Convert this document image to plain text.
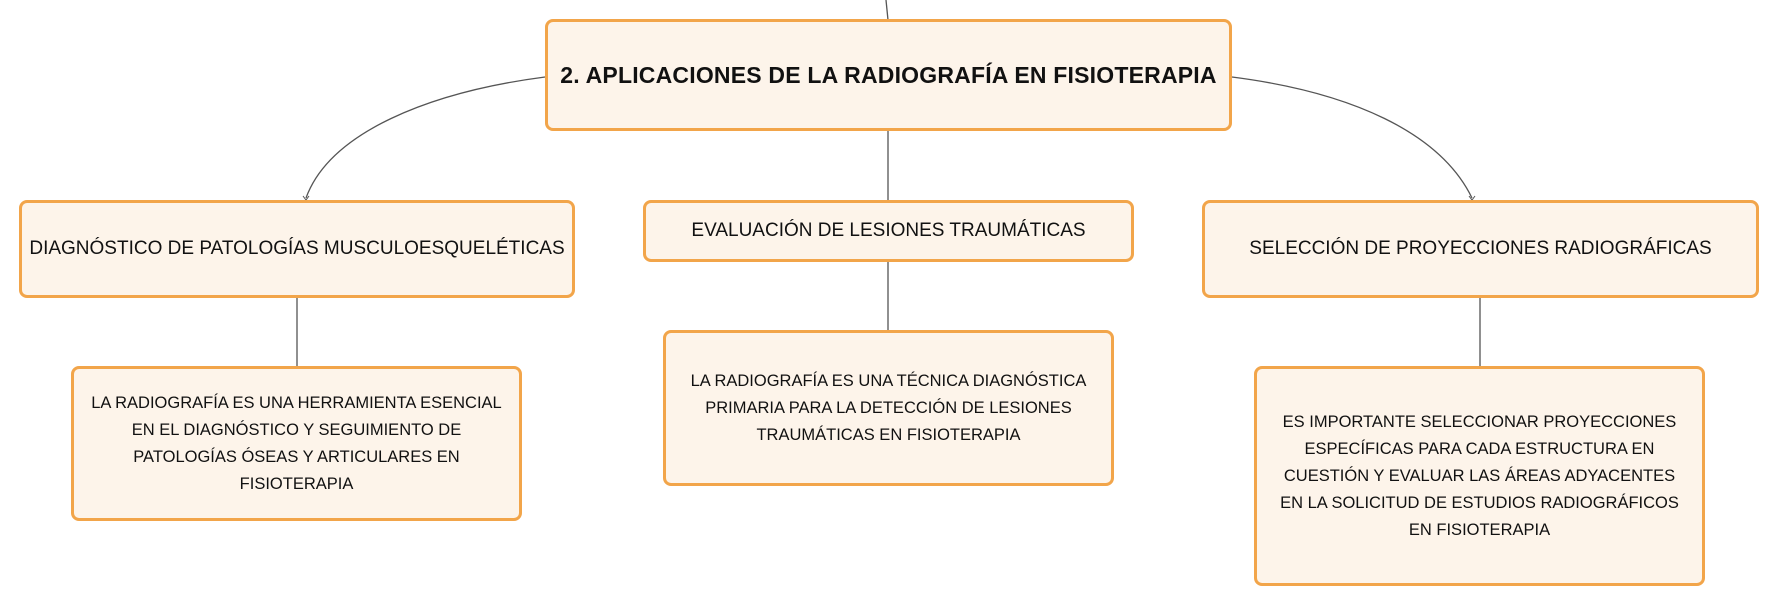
2. APLICACIONES DE LA RADIOGRAFÍA EN FISIOTERAPIA
DIAGNÓSTICO DE PATOLOGÍAS MUSCULOESQUELÉTICAS
EVALUACIÓN DE LESIONES TRAUMÁTICAS
SELECCIÓN DE PROYECCIONES RADIOGRÁFICAS
LA RADIOGRAFÍA ES UNA HERRAMIENTA ESENCIAL EN EL DIAGNÓSTICO Y SEGUIMIENTO DE PATOLOGÍAS ÓSEAS Y ARTICULARES EN FISIOTERAPIA
LA RADIOGRAFÍA ES UNA TÉCNICA DIAGNÓSTICA PRIMARIA PARA LA DETECCIÓN DE LESIONES TRAUMÁTICAS EN FISIOTERAPIA
ES IMPORTANTE SELECCIONAR PROYECCIONES ESPECÍFICAS PARA CADA ESTRUCTURA EN CUESTIÓN Y EVALUAR LAS ÁREAS ADYACENTES EN LA SOLICITUD DE ESTUDIOS RADIOGRÁFICOS EN FISIOTERAPIA
